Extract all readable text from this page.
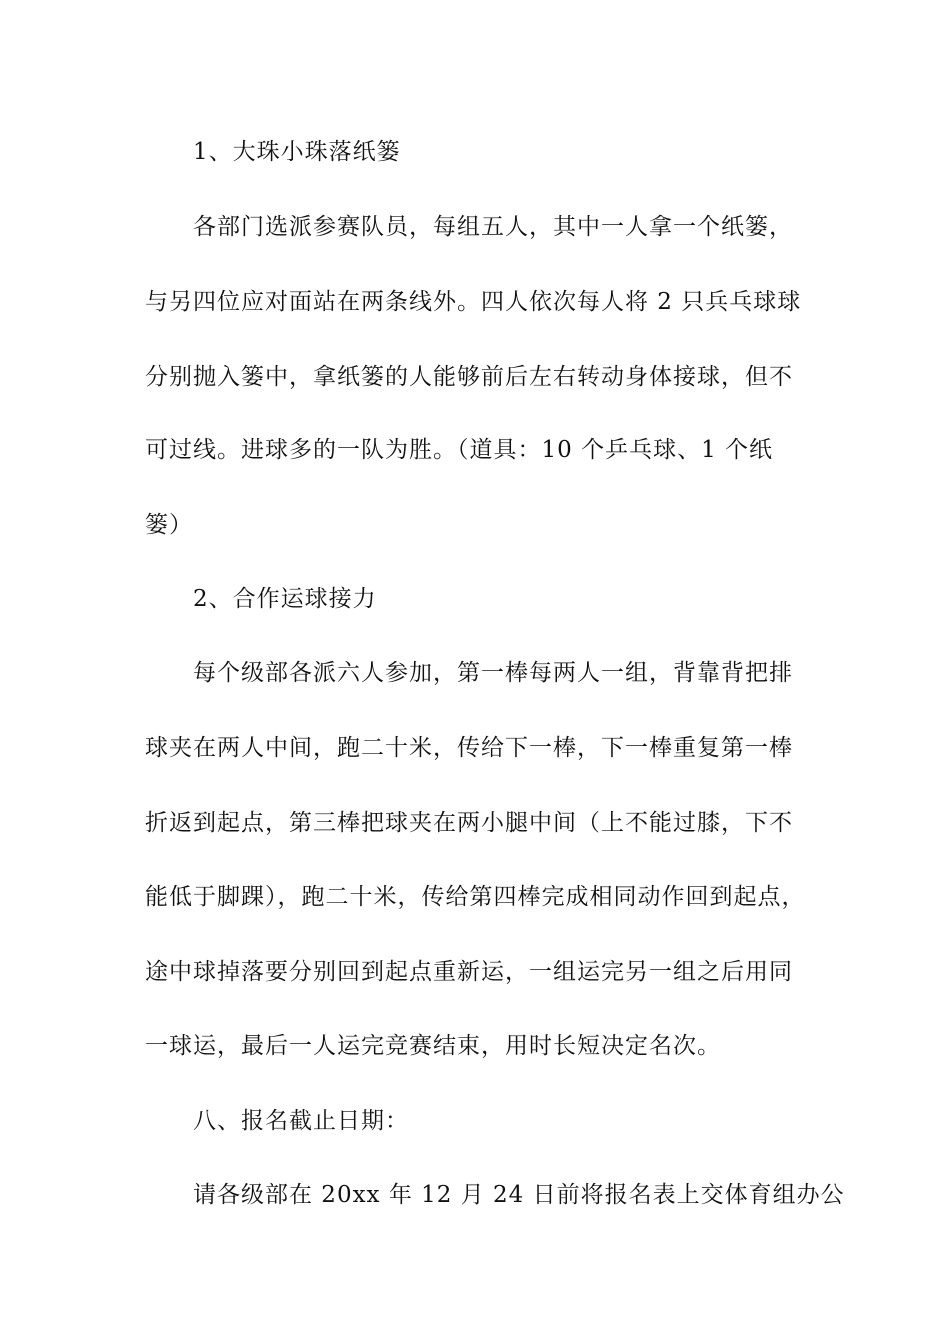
1、大珠小珠落纸篓
各部门选派参赛队员，每组五人，其中一人拿一个纸篓，
与另四位应对面站在两条线外。四人依次每人将 2 只兵乓球球
分别抛入篓中，拿纸篓的人能够前后左右转动身体接球，但不
可过线。进球多的一队为胜。（道具：10 个乒乓球、1 个纸
篓）
2、合作运球接力
每个级部各派六人参加，第一棒每两人一组，背靠背把排
球夹在两人中间，跑二十米，传给下一棒，下一棒重复第一棒
折返到起点，第三棒把球夹在两小腿中间（上不能过膝，下不
能低于脚踝），跑二十米，传给第四棒完成相同动作回到起点，
途中球掉落要分别回到起点重新运，一组运完另一组之后用同
一球运，最后一人运完竞赛结束，用时长短决定名次。
八、报名截止日期：
请各级部在 20xx 年 12 月 24 日前将报名表上交体育组办公
